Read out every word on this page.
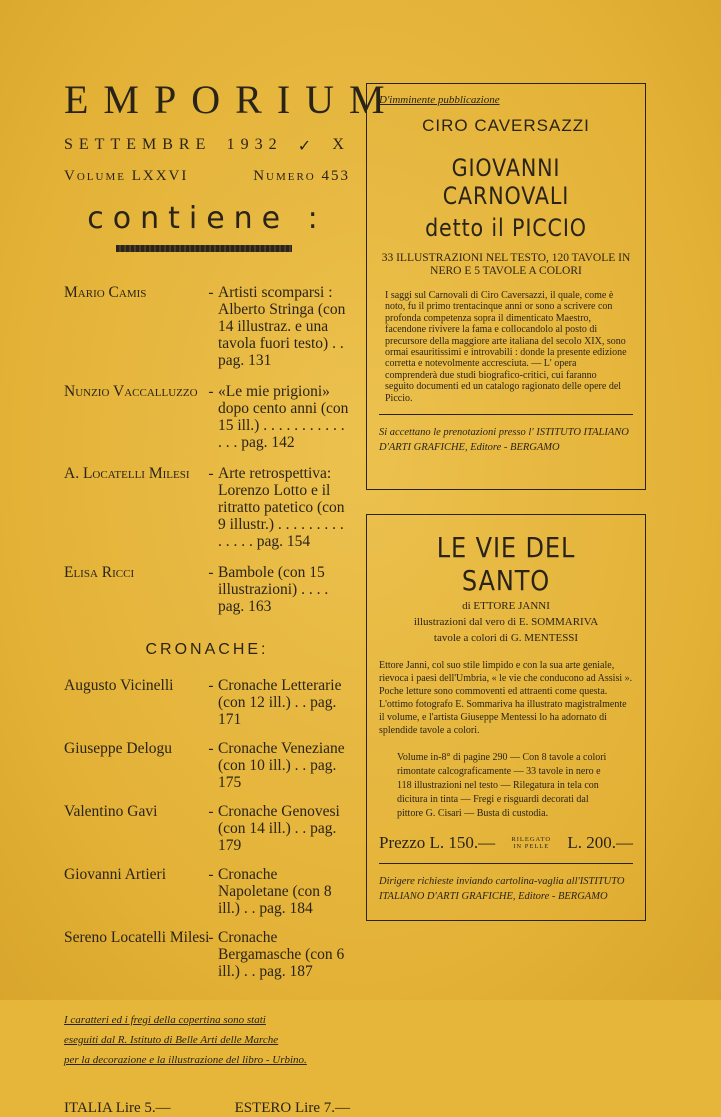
EMPORIUM
SETTEMBRE 1932 ✓ X
Volume LXXVI	Numero 453
contiene :
Mario Camis	- Artisti scomparsi : Alberto Stringa (con 14 illustraz. e una tavola fuori testo) . . pag. 131
Nunzio Vaccalluzzo - «Le mie prigioni» dopo cento anni (con 15 ill.) . . . . . . . . . . . . . . pag. 142
A. Locatelli Milesi	- Arte retrospettiva: Lorenzo Lotto e il ritratto patetico (con 9 illustr.) . . . . . . . . . . . . . . pag. 154
Elisa Ricci	- Bambole (con 15 illustrazioni) . . . . pag. 163
CRONACHE:
Augusto Vicinelli	- Cronache Letterarie (con 12 ill.) . . pag. 171
Giuseppe Delogu	- Cronache Veneziane (con 10 ill.) . . pag. 175
Valentino Gavi	- Cronache Genovesi (con 14 ill.) . . pag. 179
Giovanni Artieri	- Cronache Napoletane (con 8 ill.) . . pag. 184
Sereno Locatelli Milesi
- Cronache Bergamasche (con 6 ill.) . . pag. 187
I caratteri ed i fregi della copertina sono stati
eseguiti dal R. Istituto di Belle Arti delle Marche
per la decorazione e la illustrazione del libro - Urbino.
ITALIA Lire 5.—	ESTERO Lire 7.—
D'imminente pubblicazione
CIRO CAVERSAZZI
GIOVANNI CARNOVALI
detto il PICCIO
33 ILLUSTRAZIONI NEL TESTO, 120 TAVOLE IN NERO E 5 TAVOLE A COLORI
I saggi sul Carnovali di Ciro Caversazzi, il quale, come è noto, fu il primo trentacinque anni or sono a scrivere con profonda competenza sopra il dimenticato Maestro, facendone rivivere la fama e collocandolo al posto di precursore della maggiore arte italiana del secolo XIX, sono ormai esauritissimi e introvabili : donde la presente edizione corretta e notevolmente accresciuta. — L' opera comprenderà due studi biografico-critici, cui faranno seguito documenti ed un catalogo ragionato delle opere del Piccio.
Si accettano le prenotazioni presso l' ISTITUTO ITALIANO D'ARTI GRAFICHE, Editore - BERGAMO
LE VIE DEL SANTO
di ETTORE JANNI
illustrazioni dal vero di E. SOMMARIVA
tavole a colori di G. MENTESSI
Ettore Janni, col suo stile limpido e con la sua arte geniale, rievoca i paesi dell'Umbria, « le vie che conducono ad Assisi ». Poche letture sono commoventi ed attraenti come questa. L'ottimo fotografo E. Sommariva ha illustrato magistralmente il volume, e l'artista Giuseppe Mentessi lo ha adornato di splendide tavole a colori.
Volume in-8° di pagine 290 — Con 8 tavole a colori rimontate calcograficamente — 33 tavole in nero e 118 illustrazioni nel testo — Rilegatura in tela con dicitura in tinta — Fregi e risguardi decorati dal pittore G. Cisari — Busta di custodia.
Prezzo L. 150.—	RILEGATO
IN PELLE L. 200.—
Dirigere richieste inviando cartolina-vaglia all'ISTITUTO ITALIANO D'ARTI GRAFICHE, Editore - BERGAMO
